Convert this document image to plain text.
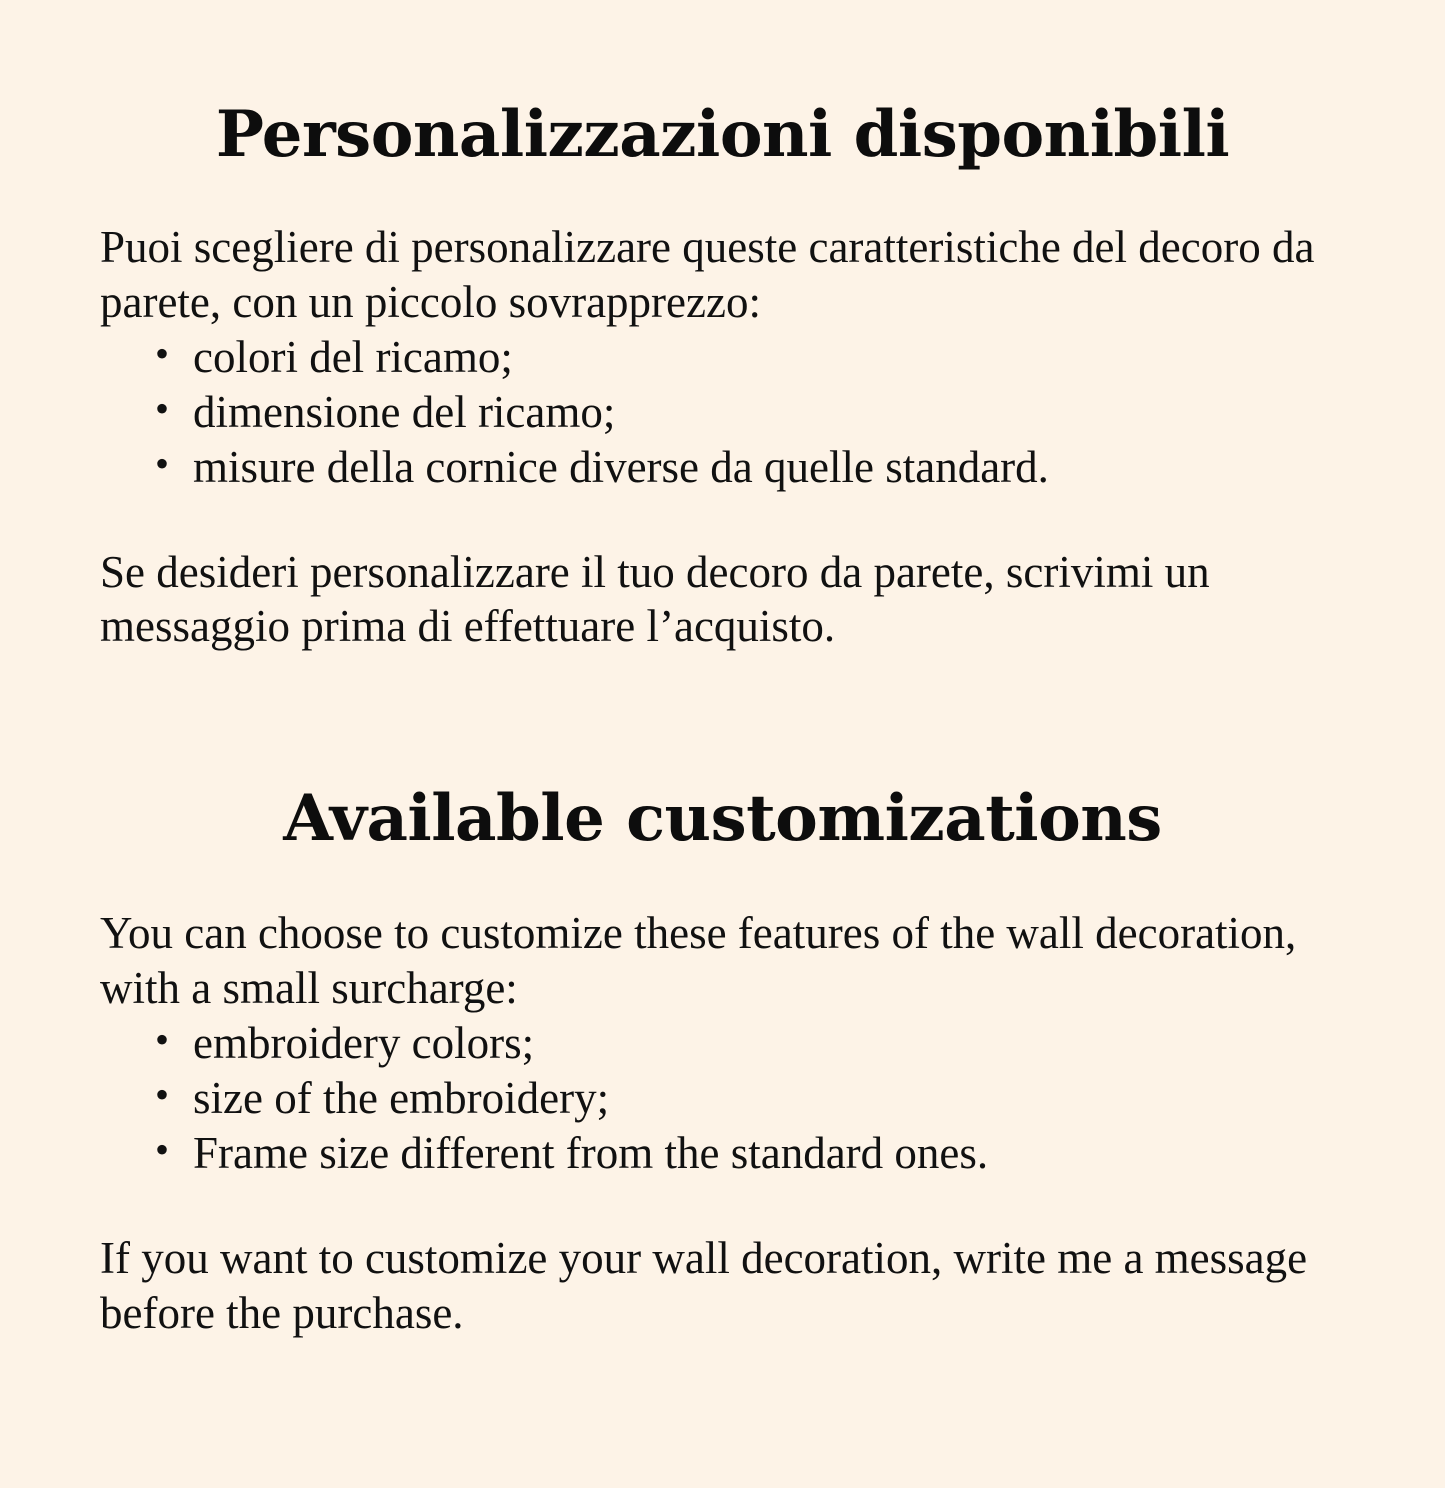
Personalizzazioni disponibili

Puoi scegliere di personalizzare queste caratteristiche del decoro da parete, con un piccolo sovrapprezzo:

• colori del ricamo;
• dimensione del ricamo;
• misure della cornice diverse da quelle standard.

Se desideri personalizzare il tuo decoro da parete, scrivimi un messaggio prima di effettuare l’acquisto.

Available customizations

You can choose to customize these features of the wall decoration, with a small surcharge:

• embroidery colors;
• size of the embroidery;
• Frame size different from the standard ones.

If you want to customize your wall decoration, write me a message before the purchase.
